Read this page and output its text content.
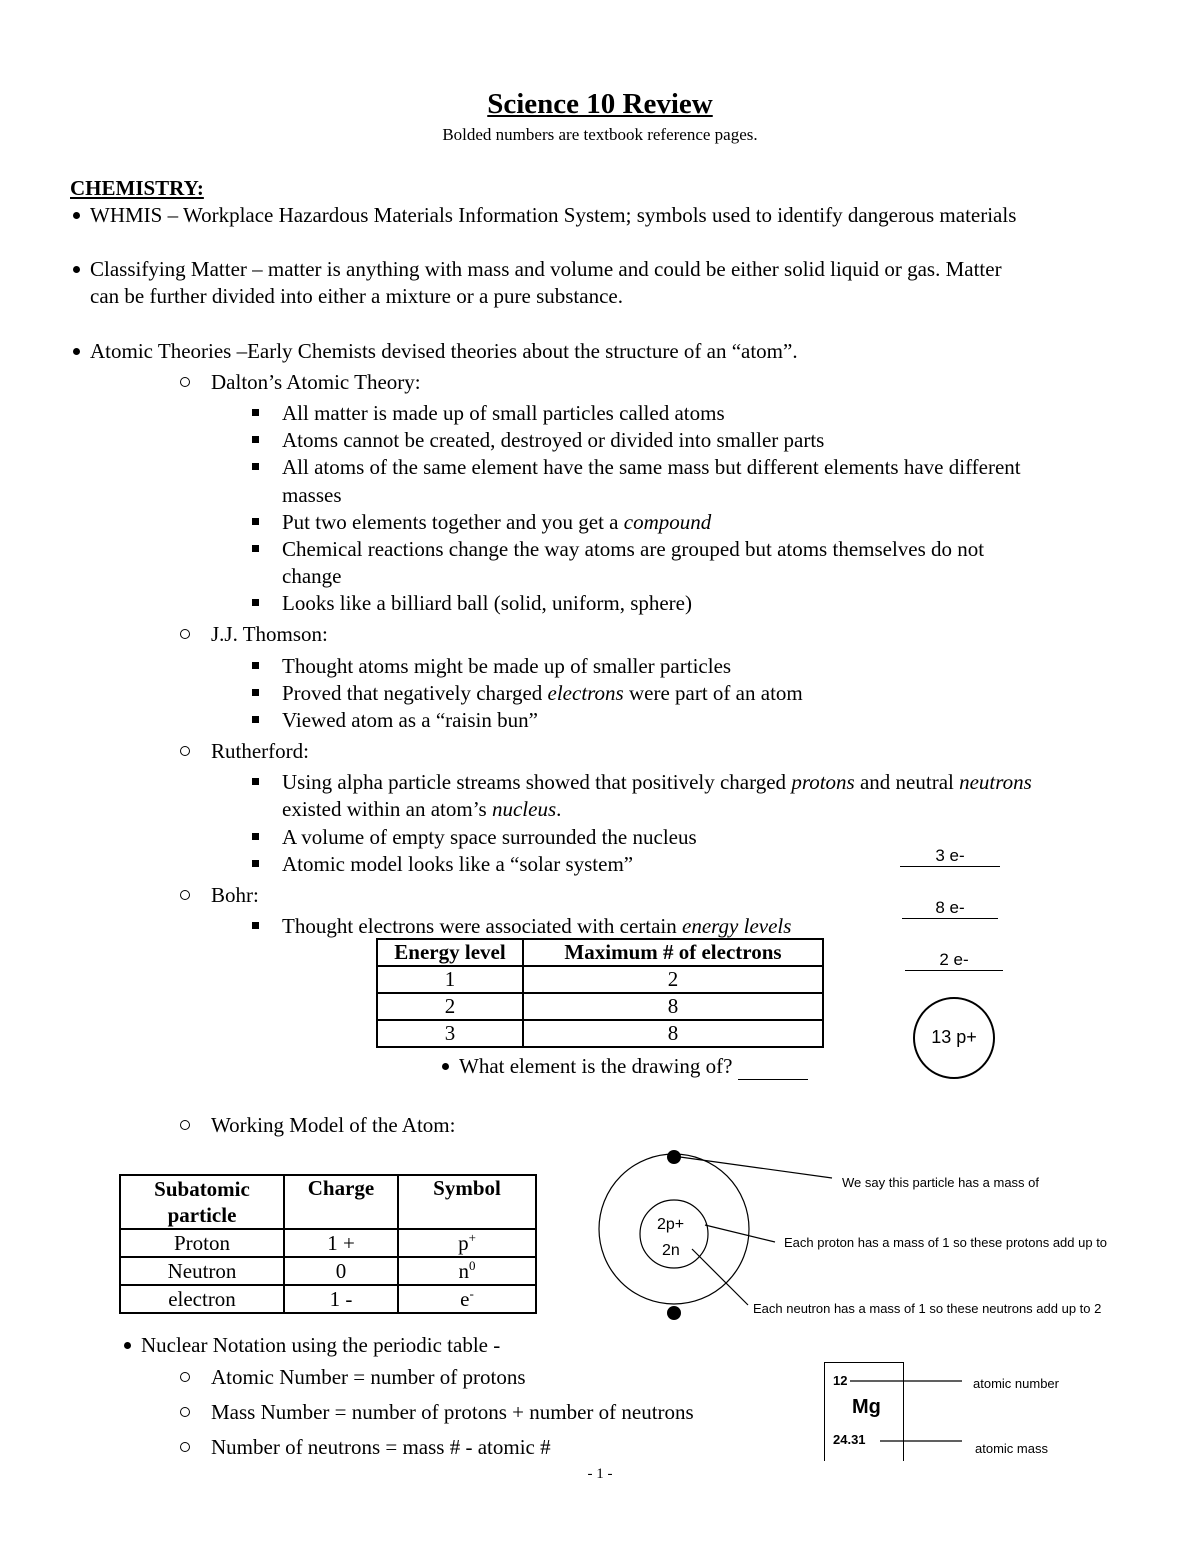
Science 10 Review
Bolded numbers are textbook reference pages.
CHEMISTRY:
WHMIS – Workplace Hazardous Materials Information System; symbols used to identify dangerous materials
Classifying Matter – matter is anything with mass and volume and could be either solid liquid or gas. Matter
can be further divided into either a mixture or a pure substance.
Atomic Theories –Early Chemists devised theories about the structure of an “atom”.
Dalton’s Atomic Theory:
All matter is made up of small particles called atoms
Atoms cannot be created, destroyed or divided into smaller parts
All atoms of the same element have the same mass but different elements have different
masses
Put two elements together and you get a compound
Chemical reactions change the way atoms are grouped but atoms themselves do not
change
Looks like a billiard ball (solid, uniform, sphere)
J.J. Thomson:
Thought atoms might be made up of smaller particles
Proved that negatively charged electrons were part of an atom
Viewed atom as a “raisin bun”
Rutherford:
Using alpha particle streams showed that positively charged protons and neutral neutrons
existed within an atom’s nucleus.
A volume of empty space surrounded the nucleus
Atomic model looks like a “solar system”
Bohr:
Thought electrons were associated with certain energy levels
Energy level	Maximum # of electrons
1	2
2	8
3	8
What element is the drawing of?
3 e-
8 e-
2 e-
13 p+
Working Model of the Atom:
Subatomic particle	Charge	Symbol
Proton	1 +	p+
Neutron	0	$n^0$
electron	1 -	e-
2p+
2n
We say this particle has a mass of
Each proton has a mass of 1 so these protons add up to
Each neutron has a mass of 1 so these neutrons add up to 2
Nuclear Notation using the periodic table -
Atomic Number = number of protons
Mass Number = number of protons + number of neutrons
Number of neutrons = mass # - atomic #
12
Mg
24.31
atomic number
atomic mass
- 1 -
